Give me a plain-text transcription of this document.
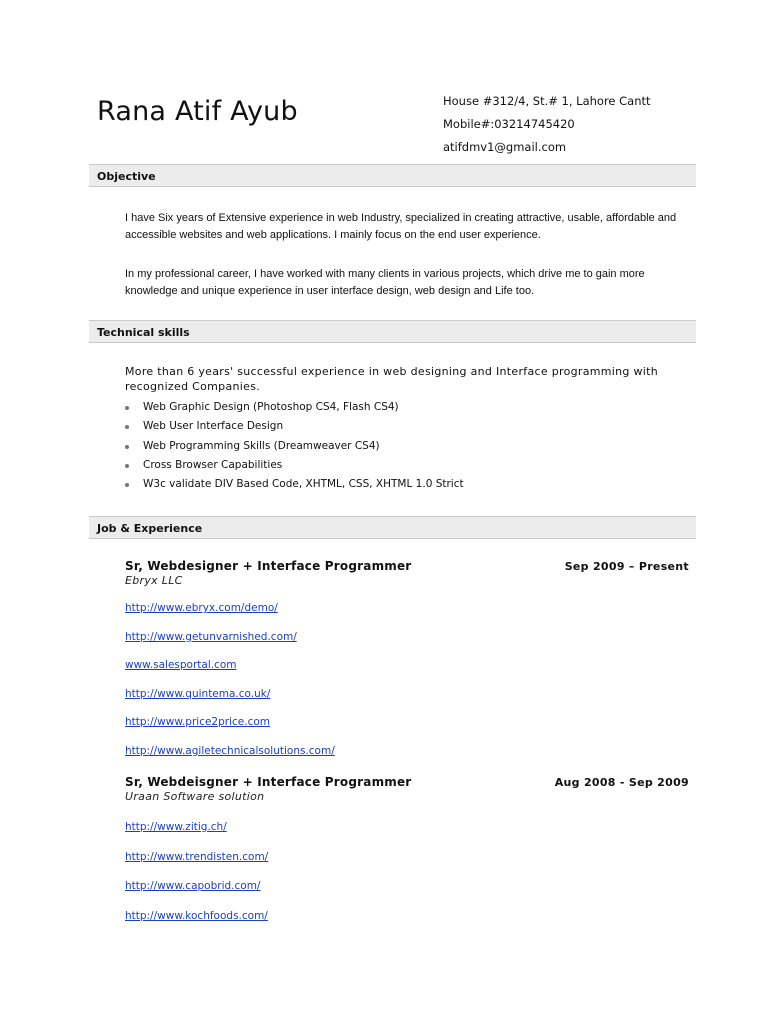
Rana Atif Ayub	House #312/4, St.# 1, Lahore Cantt
Mobile#:03214745420
atifdmv1@gmail.com
Objective
I have Six years of Extensive experience in web Industry, specialized in creating attractive, usable, affordable and accessible websites and web applications. I mainly focus on the end user experience.
In my professional career, I have worked with many clients in various projects, which drive me to gain more knowledge and unique experience in user interface design, web design and Life too.
Technical skills
More than 6 years' successful experience in web designing and Interface programming with recognized Companies.
Web Graphic Design (Photoshop CS4, Flash CS4)
Web User Interface Design
Web Programming Skills (Dreamweaver CS4)
Cross Browser Capabilities
W3c validate DIV Based Code, XHTML, CSS, XHTML 1.0 Strict
Job & Experience
Sr, Webdesigner + Interface Programmer	Sep 2009 – Present
Ebryx LLC
http://www.ebryx.com/demo/
http://www.getunvarnished.com/
www.salesportal.com
http://www.quintema.co.uk/
http://www.price2price.com
http://www.agiletechnicalsolutions.com/
Sr, Webdeisgner + Interface Programmer	Aug 2008 - Sep 2009
Uraan Software solution
http://www.zitig.ch/
http://www.trendisten.com/
http://www.capobrid.com/
http://www.kochfoods.com/
